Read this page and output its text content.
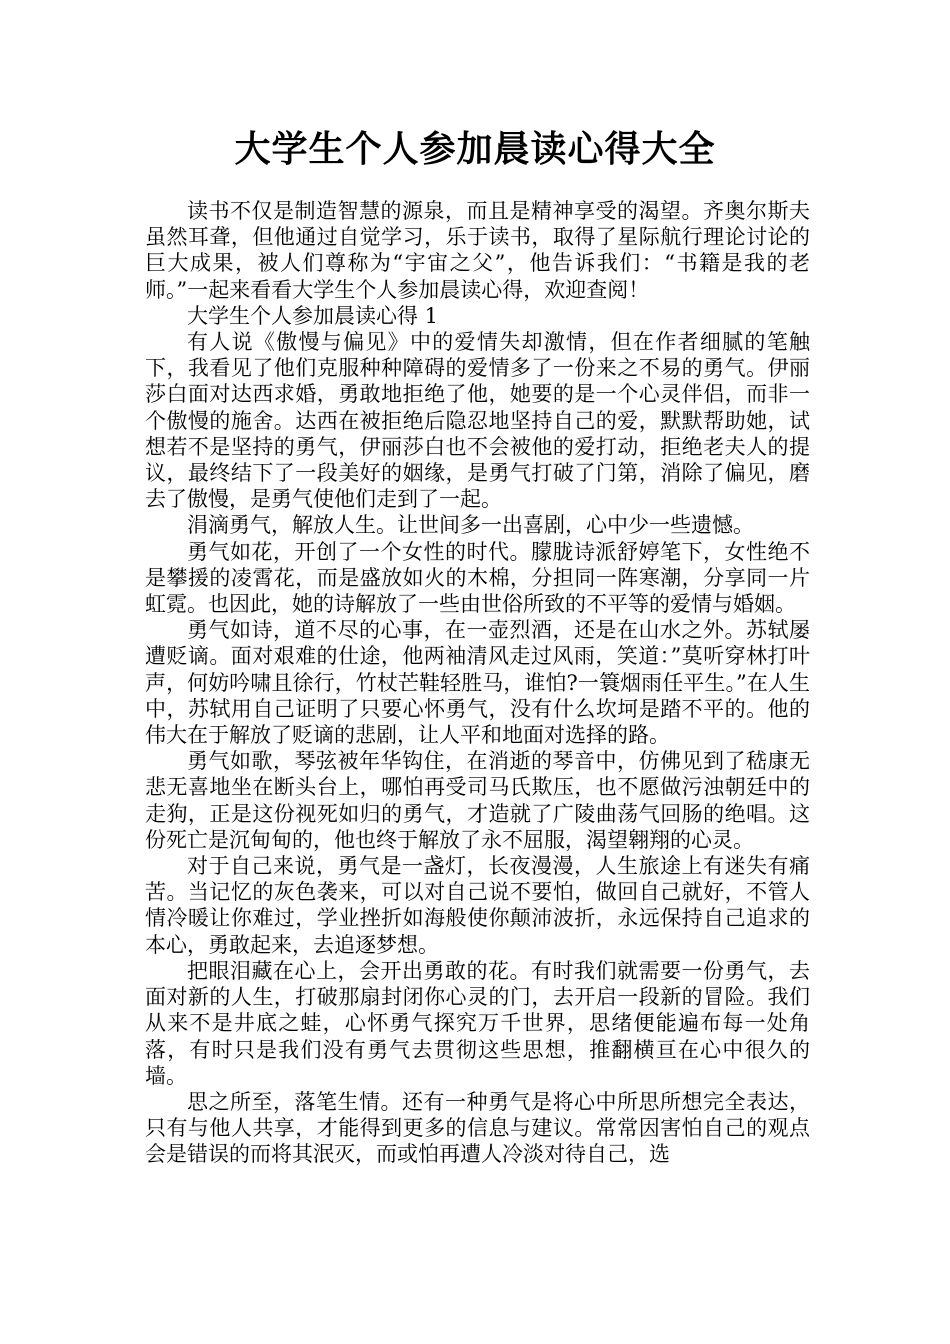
大学生个人参加晨读心得大全

读书不仅是制造智慧的源泉，而且是精神享受的渴望。齐奥尔斯夫虽然耳聋，但他通过自觉学习，乐于读书，取得了星际航行理论讨论的巨大成果，被人们尊称为“宇宙之父”，他告诉我们：“书籍是我的老师。”一起来看看大学生个人参加晨读心得，欢迎查阅！

大学生个人参加晨读心得 1

有人说《傲慢与偏见》中的爱情失却激情，但在作者细腻的笔触下，我看见了他们克服种种障碍的爱情多了一份来之不易的勇气。伊丽莎白面对达西求婚，勇敢地拒绝了他，她要的是一个心灵伴侣，而非一个傲慢的施舍。达西在被拒绝后隐忍地坚持自己的爱，默默帮助她，试想若不是坚持的勇气，伊丽莎白也不会被他的爱打动，拒绝老夫人的提议，最终结下了一段美好的姻缘，是勇气打破了门第，消除了偏见，磨去了傲慢，是勇气使他们走到了一起。

涓滴勇气，解放人生。让世间多一出喜剧，心中少一些遗憾。

勇气如花，开创了一个女性的时代。朦胧诗派舒婷笔下，女性绝不是攀援的凌霄花，而是盛放如火的木棉，分担同一阵寒潮，分享同一片虹霓。也因此，她的诗解放了一些由世俗所致的不平等的爱情与婚姻。

勇气如诗，道不尽的心事，在一壶烈酒，还是在山水之外。苏轼屡遭贬谪。面对艰难的仕途，他两袖清风走过风雨，笑道：”莫听穿林打叶声，何妨吟啸且徐行，竹杖芒鞋轻胜马，谁怕?一簑烟雨任平生。”在人生中，苏轼用自己证明了只要心怀勇气，没有什么坎坷是踏不平的。他的伟大在于解放了贬谪的悲剧，让人平和地面对选择的路。

勇气如歌，琴弦被年华钩住，在消逝的琴音中，仿佛见到了嵇康无悲无喜地坐在断头台上，哪怕再受司马氏欺压，也不愿做污浊朝廷中的走狗，正是这份视死如归的勇气，才造就了广陵曲荡气回肠的绝唱。这份死亡是沉甸甸的，他也终于解放了永不屈服，渴望翱翔的心灵。

对于自己来说，勇气是一盏灯，长夜漫漫，人生旅途上有迷失有痛苦。当记忆的灰色袭来，可以对自己说不要怕，做回自己就好，不管人情冷暖让你难过，学业挫折如海般使你颠沛波折，永远保持自己追求的本心，勇敢起来，去追逐梦想。

把眼泪藏在心上，会开出勇敢的花。有时我们就需要一份勇气，去面对新的人生，打破那扇封闭你心灵的门，去开启一段新的冒险。我们从来不是井底之蛙，心怀勇气探究万千世界，思绪便能遍布每一处角落，有时只是我们没有勇气去贯彻这些思想，推翻横亘在心中很久的墙。

思之所至，落笔生情。还有一种勇气是将心中所思所想完全表达，只有与他人共享，才能得到更多的信息与建议。常常因害怕自己的观点会是错误的而将其泯灭，而或怕再遭人冷淡对待自己，选
